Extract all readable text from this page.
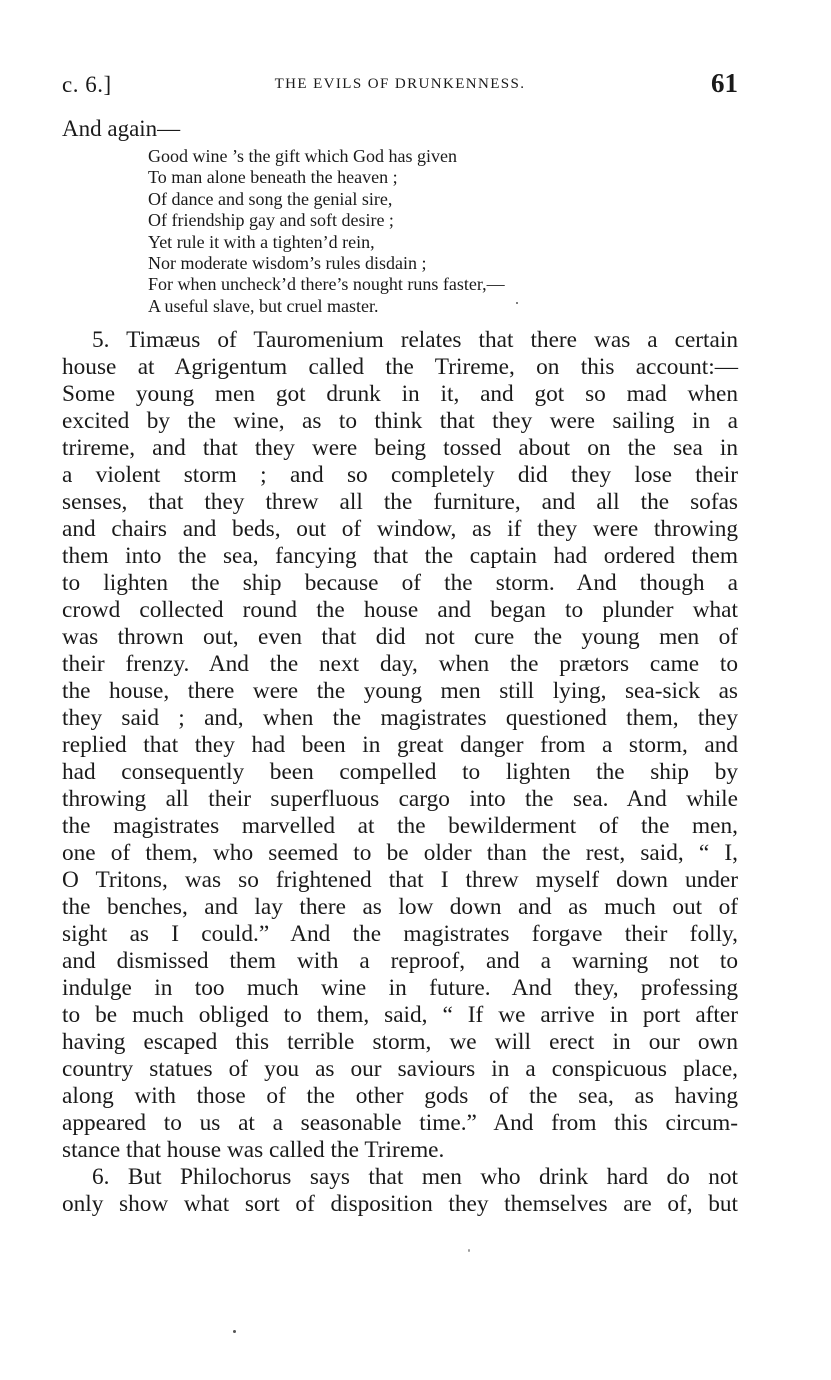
c. 6.]	THE EVILS OF DRUNKENNESS.	61
And again—
Good wine ’s the gift which God has given
To man alone beneath the heaven ;
Of dance and song the genial sire,
Of friendship gay and soft desire ;
Yet rule it with a tighten’d rein,
Nor moderate wisdom’s rules disdain ;
For when uncheck’d there’s nought runs faster,—
A useful slave, but cruel master.
5. Timæus of Tauromenium relates that there was a certain
house at Agrigentum called the Trireme, on this account:—
Some young men got drunk in it, and got so mad when
excited by the wine, as to think that they were sailing in a
trireme, and that they were being tossed about on the sea in
a violent storm ; and so completely did they lose their
senses, that they threw all the furniture, and all the sofas
and chairs and beds, out of window, as if they were throwing
them into the sea, fancying that the captain had ordered them
to lighten the ship because of the storm. And though a
crowd collected round the house and began to plunder what
was thrown out, even that did not cure the young men of
their frenzy. And the next day, when the prætors came to
the house, there were the young men still lying, sea-sick as
they said ; and, when the magistrates questioned them, they
replied that they had been in great danger from a storm, and
had consequently been compelled to lighten the ship by
throwing all their superfluous cargo into the sea. And while
the magistrates marvelled at the bewilderment of the men,
one of them, who seemed to be older than the rest, said, “ I,
O Tritons, was so frightened that I threw myself down under
the benches, and lay there as low down and as much out of
sight as I could.” And the magistrates forgave their folly,
and dismissed them with a reproof, and a warning not to
indulge in too much wine in future. And they, professing
to be much obliged to them, said, “ If we arrive in port after
having escaped this terrible storm, we will erect in our own
country statues of you as our saviours in a conspicuous place,
along with those of the other gods of the sea, as having
appeared to us at a seasonable time.” And from this circum-
stance that house was called the Trireme.
6. But Philochorus says that men who drink hard do not
only show what sort of disposition they themselves are of, but
